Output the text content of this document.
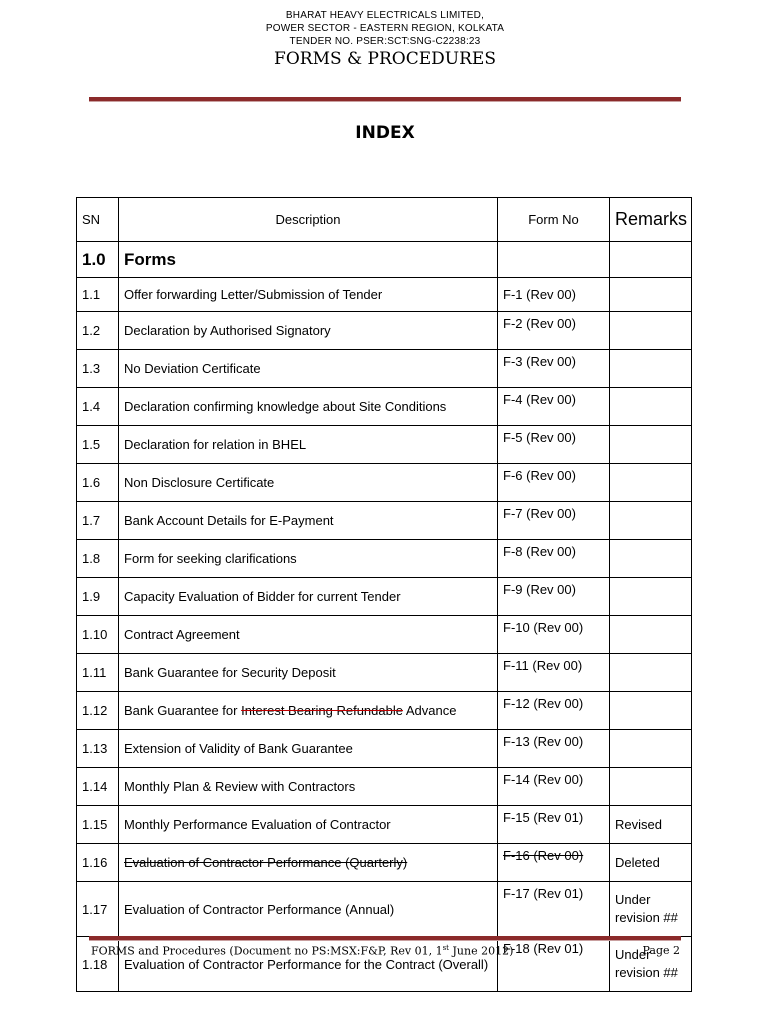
BHARAT HEAVY ELECTRICALS LIMITED,
POWER SECTOR - EASTERN REGION, KOLKATA
TENDER NO. PSER:SCT:SNG-C2238:23
FORMS & PROCEDURES
INDEX
SN	Description	Form No	Remarks
1.0	Forms		
1.1	Offer forwarding Letter/Submission of Tender	F-1 (Rev 00)	
1.2	Declaration by Authorised Signatory	F-2 (Rev 00)	
1.3	No Deviation Certificate	F-3 (Rev 00)	
1.4	Declaration confirming knowledge about Site Conditions	F-4 (Rev 00)	
1.5	Declaration for relation in BHEL	F-5 (Rev 00)	
1.6	Non Disclosure Certificate	F-6 (Rev 00)	
1.7	Bank Account Details for E-Payment	F-7 (Rev 00)	
1.8	Form for seeking clarifications	F-8 (Rev 00)	
1.9	Capacity Evaluation of Bidder for current Tender	F-9 (Rev 00)	
1.10	Contract Agreement	F-10 (Rev 00)	
1.11	Bank Guarantee for Security Deposit	F-11 (Rev 00)	
1.12	Bank Guarantee for Interest Bearing Refundable Advance	F-12 (Rev 00)	
1.13	Extension of Validity of Bank Guarantee	F-13 (Rev 00)	
1.14	Monthly Plan & Review with Contractors	F-14 (Rev 00)	
1.15	Monthly Performance Evaluation of Contractor	F-15 (Rev 01)	Revised
1.16	Evaluation of Contractor Performance (Quarterly)	F-16 (Rev 00)	Deleted
1.17	Evaluation of Contractor Performance (Annual)	F-17 (Rev 01)	Under
revision ##

1.18	Evaluation of Contractor Performance for the Contract (Overall)	F-18 (Rev 01)	Under
revision ##
FORMS and Procedures (Document no PS:MSX:F&P, Rev 01, 1st June 2012)	Page 2
